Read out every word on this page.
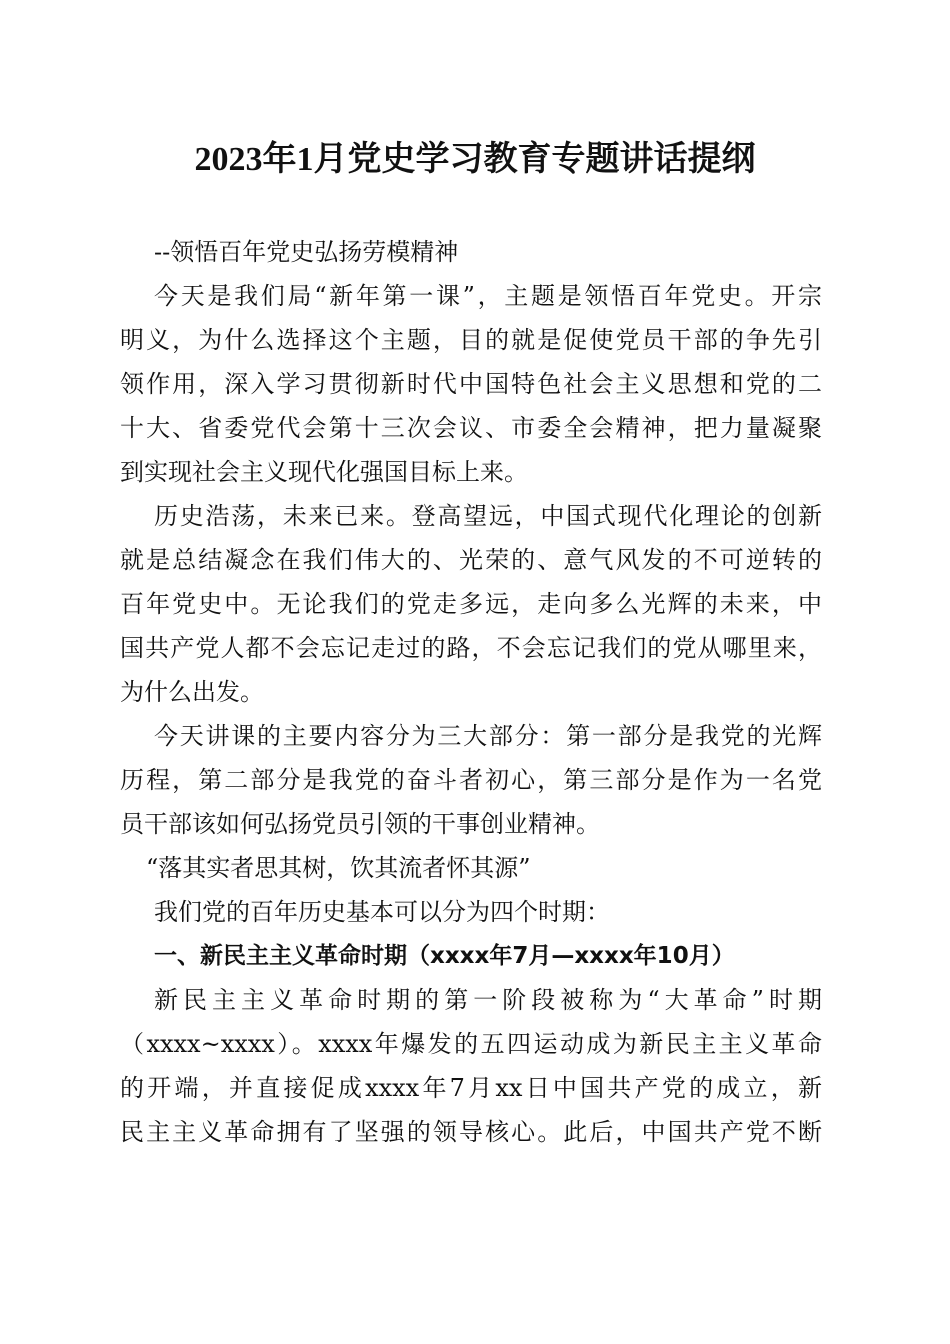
2023年1月党史学习教育专题讲话提纲
--领悟百年党史弘扬劳模精神
今天是我们局“新年第一课”，主题是领悟百年党史。开宗
明义，为什么选择这个主题，目的就是促使党员干部的争先引
领作用，深入学习贯彻新时代中国特色社会主义思想和党的二
十大、省委党代会第十三次会议、市委全会精神，把力量凝聚
到实现社会主义现代化强国目标上来。
历史浩荡，未来已来。登高望远，中国式现代化理论的创新
就是总结凝念在我们伟大的、光荣的、意气风发的不可逆转的
百年党史中。无论我们的党走多远，走向多么光辉的未来，中
国共产党人都不会忘记走过的路，不会忘记我们的党从哪里来，
为什么出发。
今天讲课的主要内容分为三大部分：第一部分是我党的光辉
历程，第二部分是我党的奋斗者初心，第三部分是作为一名党
员干部该如何弘扬党员引领的干事创业精神。
“落其实者思其树，饮其流者怀其源”
我们党的百年历史基本可以分为四个时期：
一、新民主主义革命时期（xxxx年7月—xxxx年10月）
新民主主义革命时期的第一阶段被称为“大革命”时期
（xxxx~xxxx）。xxxx年爆发的五四运动成为新民主主义革命
的开端，并直接促成xxxx年7月xx日中国共产党的成立，新
民主主义革命拥有了坚强的领导核心。此后，中国共产党不断
